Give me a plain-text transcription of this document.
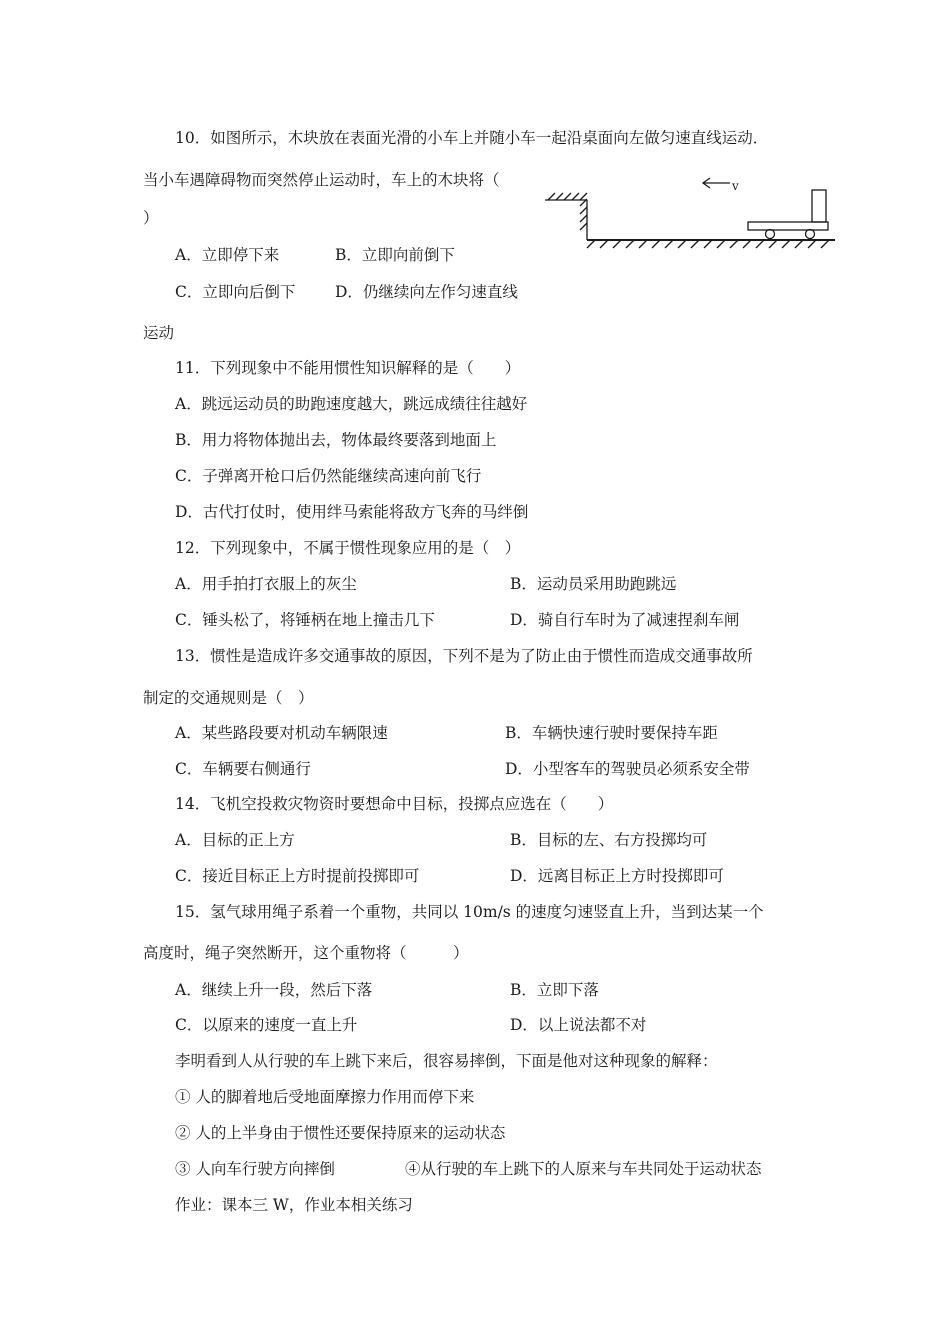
10．如图所示，木块放在表面光滑的小车上并随小车一起沿桌面向左做匀速直线运动．
当小车遇障碍物而突然停止运动时，车上的木块将（
）
A．立即停下来	B．立即向前倒下
C．立即向后倒下	D．仍继续向左作匀速直线
运动
v
11．下列现象中不能用惯性知识解释的是（　　）
A．跳远运动员的助跑速度越大，跳远成绩往往越好
B．用力将物体抛出去，物体最终要落到地面上
C．子弹离开枪口后仍然能继续高速向前飞行
D．古代打仗时，使用绊马索能将敌方飞奔的马绊倒
12．下列现象中，不属于惯性现象应用的是（　）
A．用手拍打衣服上的灰尘	B．运动员采用助跑跳远
C．锤头松了，将锤柄在地上撞击几下	D．骑自行车时为了减速捏刹车闸
13．惯性是造成许多交通事故的原因，下列不是为了防止由于惯性而造成交通事故所
制定的交通规则是（　）
A．某些路段要对机动车辆限速	B．车辆快速行驶时要保持车距
C．车辆要右侧通行	D．小型客车的驾驶员必须系安全带
14．飞机空投救灾物资时要想命中目标，投掷点应选在（　　）
A．目标的正上方	B．目标的左、右方投掷均可
C．接近目标正上方时提前投掷即可	D．远离目标正上方时投掷即可
15．氢气球用绳子系着一个重物，共同以 10m/s 的速度匀速竖直上升，当到达某一个
高度时，绳子突然断开，这个重物将（　　　）
A．继续上升一段，然后下落	B．立即下落
C．以原来的速度一直上升	D．以上说法都不对
李明看到人从行驶的车上跳下来后，很容易摔倒，下面是他对这种现象的解释：
① 人的脚着地后受地面摩擦力作用而停下来
② 人的上半身由于惯性还要保持原来的运动状态
③ 人向车行驶方向摔倒	④从行驶的车上跳下的人原来与车共同处于运动状态
作业：课本三 W，作业本相关练习
